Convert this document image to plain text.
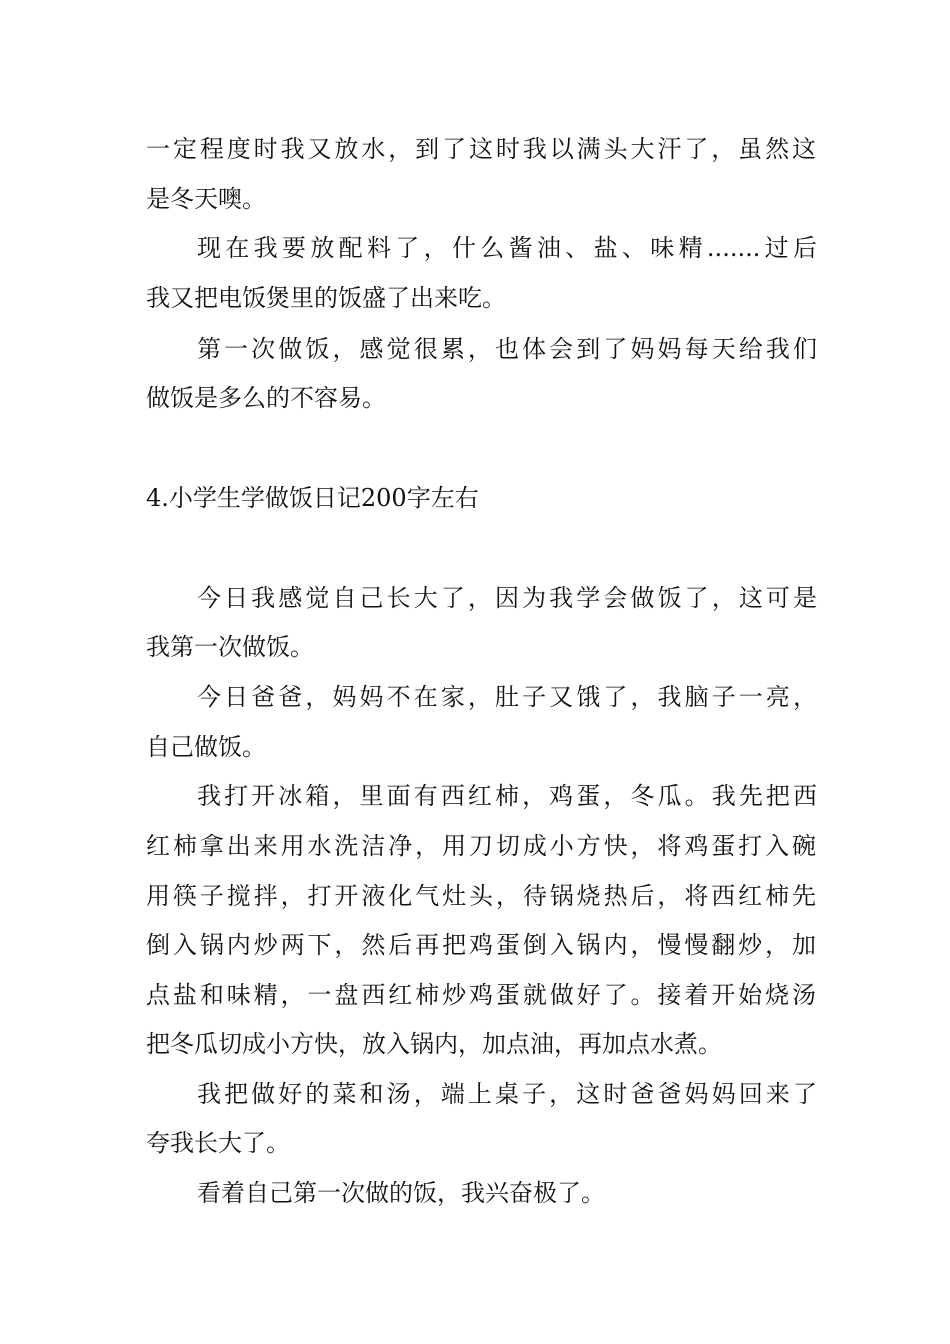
一定程度时我又放水，到了这时我以满头大汗了，虽然这
是冬天噢。
现在我要放配料了，什么酱油、盐、味精.......过后
我又把电饭煲里的饭盛了出来吃。
第一次做饭，感觉很累，也体会到了妈妈每天给我们
做饭是多么的不容易。
4.小学生学做饭日记200字左右
今日我感觉自己长大了，因为我学会做饭了，这可是
我第一次做饭。
今日爸爸，妈妈不在家，肚子又饿了，我脑子一亮，
自己做饭。
我打开冰箱，里面有西红柿，鸡蛋，冬瓜。我先把西
红柿拿出来用水洗洁净，用刀切成小方快，将鸡蛋打入碗
用筷子搅拌，打开液化气灶头，待锅烧热后，将西红柿先
倒入锅内炒两下，然后再把鸡蛋倒入锅内，慢慢翻炒，加
点盐和味精，一盘西红柿炒鸡蛋就做好了。接着开始烧汤
把冬瓜切成小方快，放入锅内，加点油，再加点水煮。
我把做好的菜和汤，端上桌子，这时爸爸妈妈回来了
夸我长大了。
看着自己第一次做的饭，我兴奋极了。
